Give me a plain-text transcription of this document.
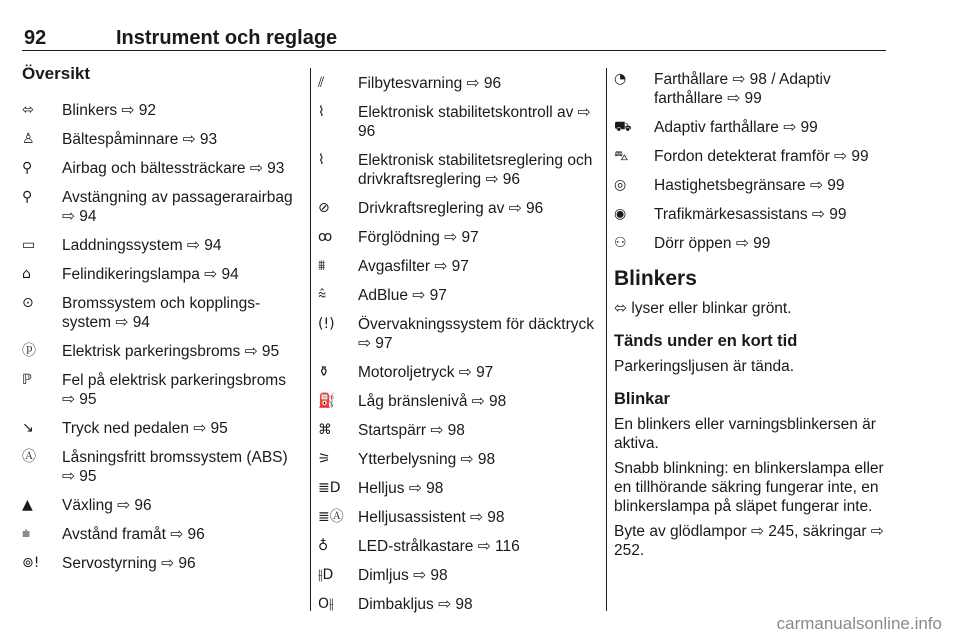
92	Instrument och reglage
Översikt
⬄	Blinkers ⇨ 92
♙	Bältespåminnare ⇨ 93
⚲	Airbag och bältessträckare ⇨ 93
⚲	Avstängning av passagerarairbag ⇨ 94
▭	Laddningssystem ⇨ 94
⌂	Felindikeringslampa ⇨ 94
⊙	Bromssystem och kopplingssystem ⇨ 94
ⓟ	Elektrisk parkeringsbroms ⇨ 95
ℙ	Fel på elektrisk parkeringsbroms ⇨ 95
↘	Tryck ned pedalen ⇨ 95
Ⓐ	Låsningsfritt bromssystem (ABS) ⇨ 95
▲	Växling ⇨ 96
⩧	Avstånd framåt ⇨ 96
⊚!	Servostyrning ⇨ 96
⫽	Filbytesvarning ⇨ 96
⌇	Elektronisk stabilitetskontroll av ⇨ 96
⌇	Elektronisk stabilitetsreglering och drivkraftsreglering ⇨ 96
⊘	Drivkraftsreglering av ⇨ 96
ꝏ	Förglödning ⇨ 97
⩩	Avgasfilter ⇨ 97
⩯	AdBlue ⇨ 97
(!)	Övervakningssystem för däcktryck ⇨ 97
⚱	Motoroljetryck ⇨ 97
⛽	Låg bränslenivå ⇨ 98
⌘	Startspärr ⇨ 98
⚞	Ytterbelysning ⇨ 98
≣D	Helljus ⇨ 98
≣Ⓐ Helljusassistent ⇨ 98
♁	LED-strålkastare ⇨ 116
⫲D	Dimljus ⇨ 98
O⫲	Dimbakljus ⇨ 98
◔	Farthållare ⇨ 98 / Adaptiv farthållare ⇨ 99
⛟	Adaptiv farthållare ⇨ 99
⛍	Fordon detekterat framför ⇨ 99
◎	Hastighetsbegränsare ⇨ 99
◉	Trafikmärkesassistans ⇨ 99
⚇	Dörr öppen ⇨ 99
Blinkers
⬄ lyser eller blinkar grönt.
Tänds under en kort tid
Parkeringsljusen är tända.
Blinkar
En blinkers eller varningsblinkersen är aktiva.
Snabb blinkning: en blinkerslampa eller en tillhörande säkring fungerar inte, en blinkerslampa på släpet fungerar inte.
Byte av glödlampor ⇨ 245, säkringar ⇨ 252.
carmanualsonline.info
